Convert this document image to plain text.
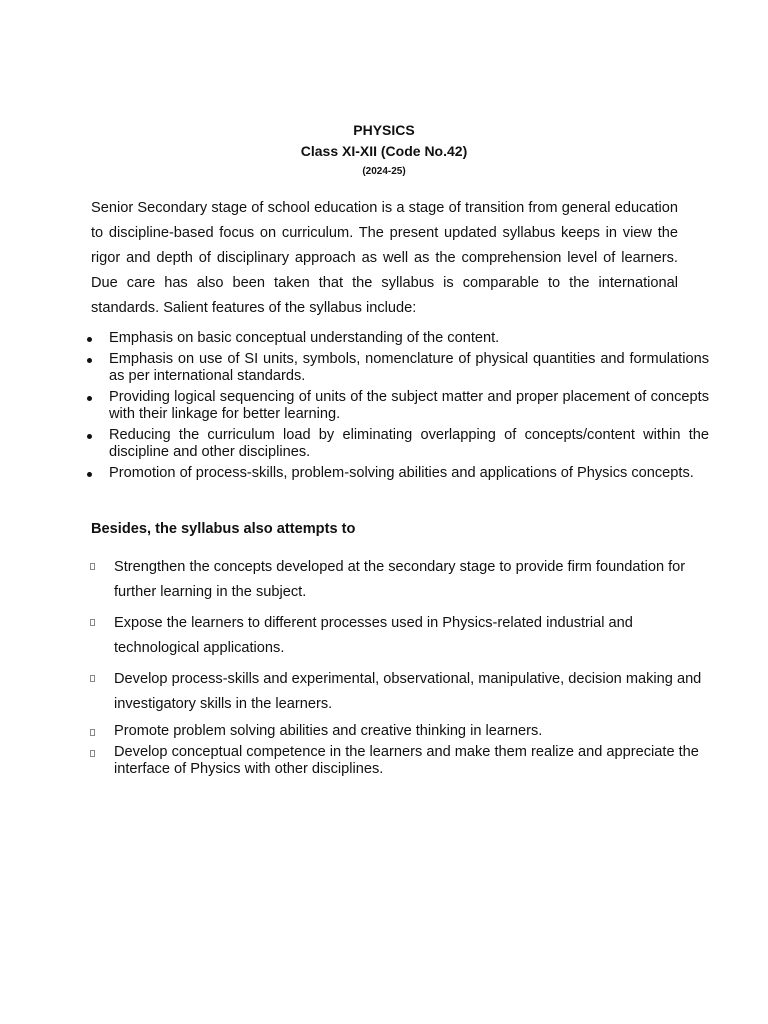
PHYSICS
Class XI-XII (Code No.42)
(2024-25)

Senior Secondary stage of school education is a stage of transition from general education to discipline-based focus on curriculum. The present updated syllabus keeps in view the rigor and depth of disciplinary approach as well as the comprehension level of learners. Due care has also been taken that the syllabus is comparable to the international standards. Salient features of the syllabus include:

Emphasis on basic conceptual understanding of the content.
Emphasis on use of SI units, symbols, nomenclature of physical quantities and formulations as per international standards.
Providing logical sequencing of units of the subject matter and proper placement of concepts with their linkage for better learning.
Reducing the curriculum load by eliminating overlapping of concepts/content within the discipline and other disciplines.
Promotion of process-skills, problem-solving abilities and applications of Physics concepts.
Besides, the syllabus also attempts to
Strengthen the concepts developed at the secondary stage to provide firm foundation for further learning in the subject.
Expose the learners to different processes used in Physics-related industrial and technological applications.
Develop process-skills and experimental, observational, manipulative, decision making and investigatory skills in the learners.
Promote problem solving abilities and creative thinking in learners.
Develop conceptual competence in the learners and make them realize and appreciate the interface of Physics with other disciplines.
